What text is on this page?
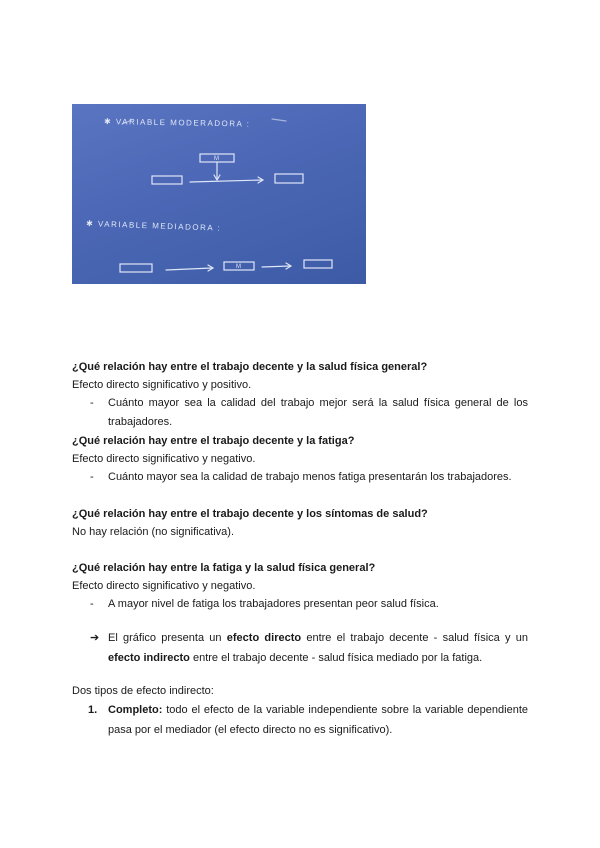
✱ VARIABLE MODERADORA :
M
✱ VARIABLE MEDIADORA :
M

¿Qué relación hay entre el trabajo decente y la salud física general?

Efecto directo significativo y positivo.

- Cuánto mayor sea la calidad del trabajo mejor será la salud física general de los trabajadores.

¿Qué relación hay entre el trabajo decente y la fatiga?

Efecto directo significativo y negativo.

- Cuánto mayor sea la calidad de trabajo menos fatiga presentarán los trabajadores.

¿Qué relación hay entre el trabajo decente y los síntomas de salud?

No hay relación (no significativa).

¿Qué relación hay entre la fatiga y la salud física general?

Efecto directo significativo y negativo.

- A mayor nivel de fatiga los trabajadores presentan peor salud física.
➔ El gráfico presenta un efecto directo entre el trabajo decente - salud física y un efecto indirecto entre el trabajo decente - salud física mediado por la fatiga.

Dos tipos de efecto indirecto:

1. Completo: todo el efecto de la variable independiente sobre la variable dependiente pasa por el mediador (el efecto directo no es significativo).
